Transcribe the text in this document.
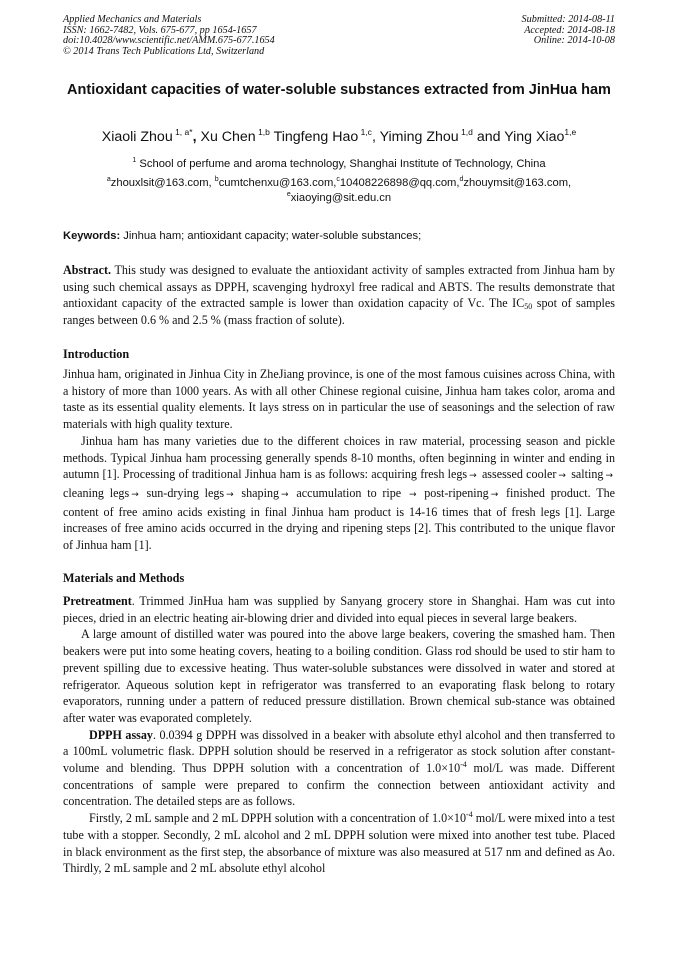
Applied Mechanics and Materials
ISSN: 1662-7482, Vols. 675-677, pp 1654-1657
doi:10.4028/www.scientific.net/AMM.675-677.1654
© 2014 Trans Tech Publications Ltd, Switzerland
Submitted: 2014-08-11
Accepted: 2014-08-18
Online: 2014-10-08
Antioxidant capacities of water-soluble substances extracted from JinHua ham
Xiaoli Zhou $^{1, a*}$, Xu Chen $^{1,b}$ Tingfeng Hao $^{1,c}$, Yiming Zhou $^{1,d}$ and Ying Xiao$^{1,e}$
$^1$ School of perfume and aroma technology, Shanghai Institute of Technology, China
$^a$zhouxlsit@163.com, $^b$cumtchenxu@163.com,$^c$10408226898@qq.com,$^d$zhouymsit@163.com,
$^e$xiaoying@sit.edu.cn
Keywords: Jinhua ham; antioxidant capacity; water-soluble substances;

Abstract. This study was designed to evaluate the antioxidant activity of samples extracted from Jinhua ham by using such chemical assays as DPPH, scavenging hydroxyl free radical and ABTS. The results demonstrate that antioxidant capacity of the extracted sample is lower than oxidation capacity of Vc. The $IC_{50}$ spot of samples ranges between 0.6 % and 2.5 % (mass fraction of solute).

Introduction

Jinhua ham, originated in Jinhua City in ZheJiang province, is one of the most famous cuisines across China, with a history of more than 1000 years. As with all other Chinese regional cuisine, Jinhua ham takes color, aroma and taste as its essential quality elements. It lays stress on in particular the use of seasonings and the selection of raw materials with high quality texture.

Jinhua ham has many varieties due to the different choices in raw material, processing season and pickle methods. Typical Jinhua ham processing generally spends 8-10 months, often beginning in winter and ending in autumn [1]. Processing of traditional Jinhua ham is as follows: acquiring fresh legs → assessed cooler → salting → cleaning legs → sun-drying legs → shaping → accumulation to ripe → post-ripening → finished product. The content of free amino acids existing in final Jinhua ham product is 14-16 times that of fresh legs [1]. Large increases of free amino acids occurred in the drying and ripening steps [2]. This contributed to the unique flavor of Jinhua ham [1].

Materials and Methods

Pretreatment. Trimmed JinHua ham was supplied by Sanyang grocery store in Shanghai. Ham was cut into pieces, dried in an electric heating air-blowing drier and divided into equal pieces in several large beakers.

A large amount of distilled water was poured into the above large beakers, covering the smashed ham. Then beakers were put into some heating covers, heating to a boiling condition. Glass rod should be used to stir ham to prevent spilling due to excessive heating. Thus water-soluble substances were dissolved in water and stored at refrigerator. Aqueous solution kept in refrigerator was transferred to an evaporating flask belong to rotary evaporators, running under a pattern of reduced pressure distillation. Brown chemical sub-stance was obtained after water was evaporated completely.

DPPH assay. 0.0394 g DPPH was dissolved in a beaker with absolute ethyl alcohol and then transferred to a 100mL volumetric flask. DPPH solution should be reserved in a refrigerator as stock solution after constant-volume and blending. Thus DPPH solution with a concentration of $1.0\times 10^{-4}$ mol/L was made. Different concentrations of sample were prepared to confirm the connection between antioxidant activity and concentration. The detailed steps are as follows.

Firstly, 2 mL sample and 2 mL DPPH solution with a concentration of $1.0\times 10^{-4}$ mol/L were mixed into a test tube with a stopper. Secondly, 2 mL alcohol and 2 mL DPPH solution were mixed into another test tube. Placed in black environment as the first step, the absorbance of mixture was also measured at 517 nm and defined as Ao. Thirdly, 2 mL sample and 2 mL absolute ethyl alcohol
